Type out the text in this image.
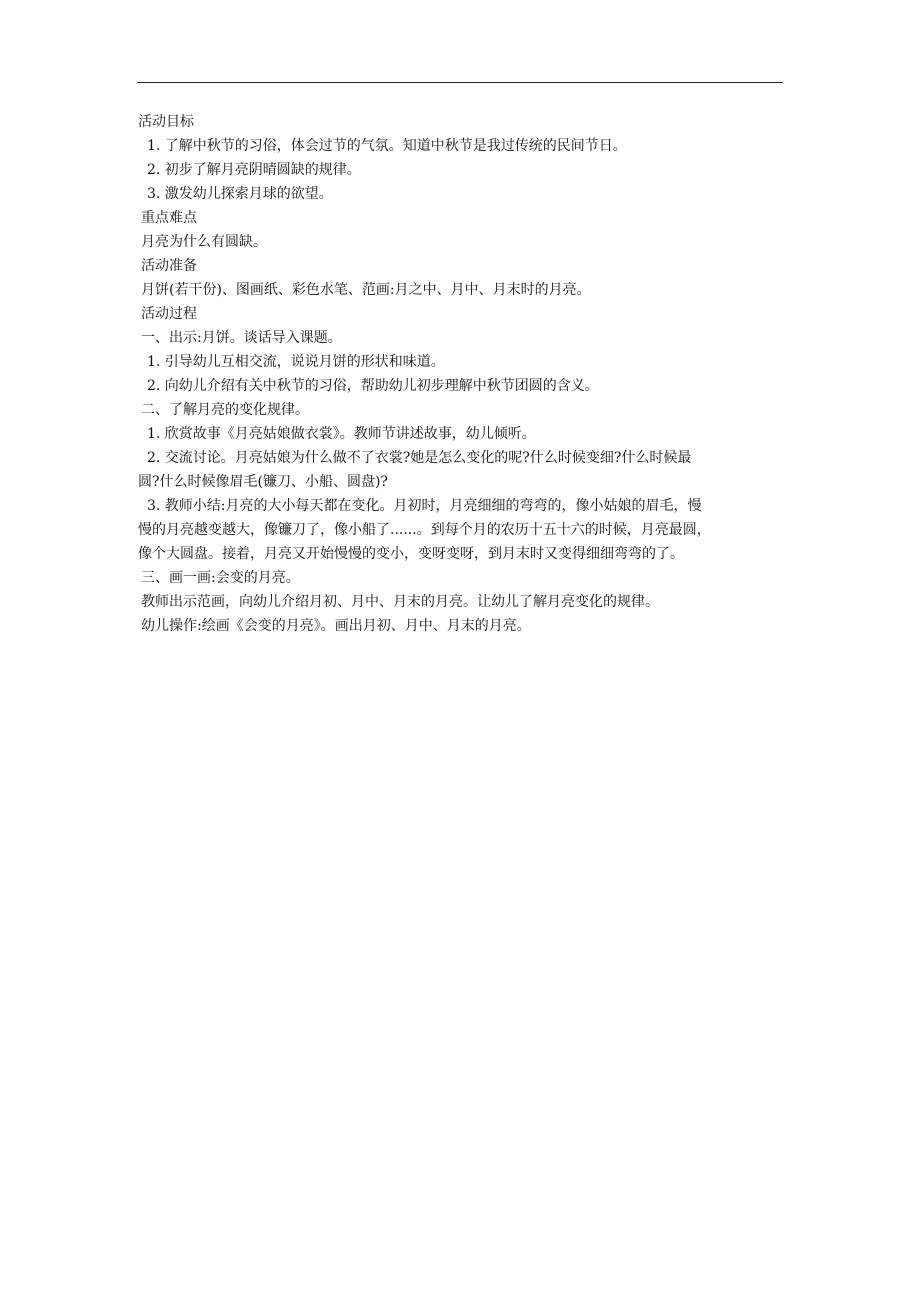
活动目标

1. 了解中秋节的习俗，体会过节的气氛。知道中秋节是我过传统的民间节日。

2. 初步了解月亮阴晴圆缺的规律。

3. 激发幼儿探索月球的欲望。

重点难点

月亮为什么有圆缺。

活动准备

月饼(若干份)、图画纸、彩色水笔、范画:月之中、月中、月末时的月亮。

活动过程

一、出示:月饼。谈话导入课题。

1. 引导幼儿互相交流，说说月饼的形状和味道。

2. 向幼儿介绍有关中秋节的习俗，帮助幼儿初步理解中秋节团圆的含义。

二、了解月亮的变化规律。

1. 欣赏故事《月亮姑娘做衣裳》。教师节讲述故事，幼儿倾听。

2. 交流讨论。月亮姑娘为什么做不了衣裳?她是怎么变化的呢?什么时候变细?什么时候最

圆?什么时候像眉毛(镰刀、小船、圆盘)?

3. 教师小结:月亮的大小每天都在变化。月初时，月亮细细的弯弯的，像小姑娘的眉毛，慢

慢的月亮越变越大，像镰刀了，像小船了......。到每个月的农历十五十六的时候，月亮最圆，

像个大圆盘。接着，月亮又开始慢慢的变小，变呀变呀，到月末时又变得细细弯弯的了。

三、画一画:会变的月亮。

教师出示范画，向幼儿介绍月初、月中、月末的月亮。让幼儿了解月亮变化的规律。

幼儿操作:绘画《会变的月亮》。画出月初、月中、月末的月亮。
